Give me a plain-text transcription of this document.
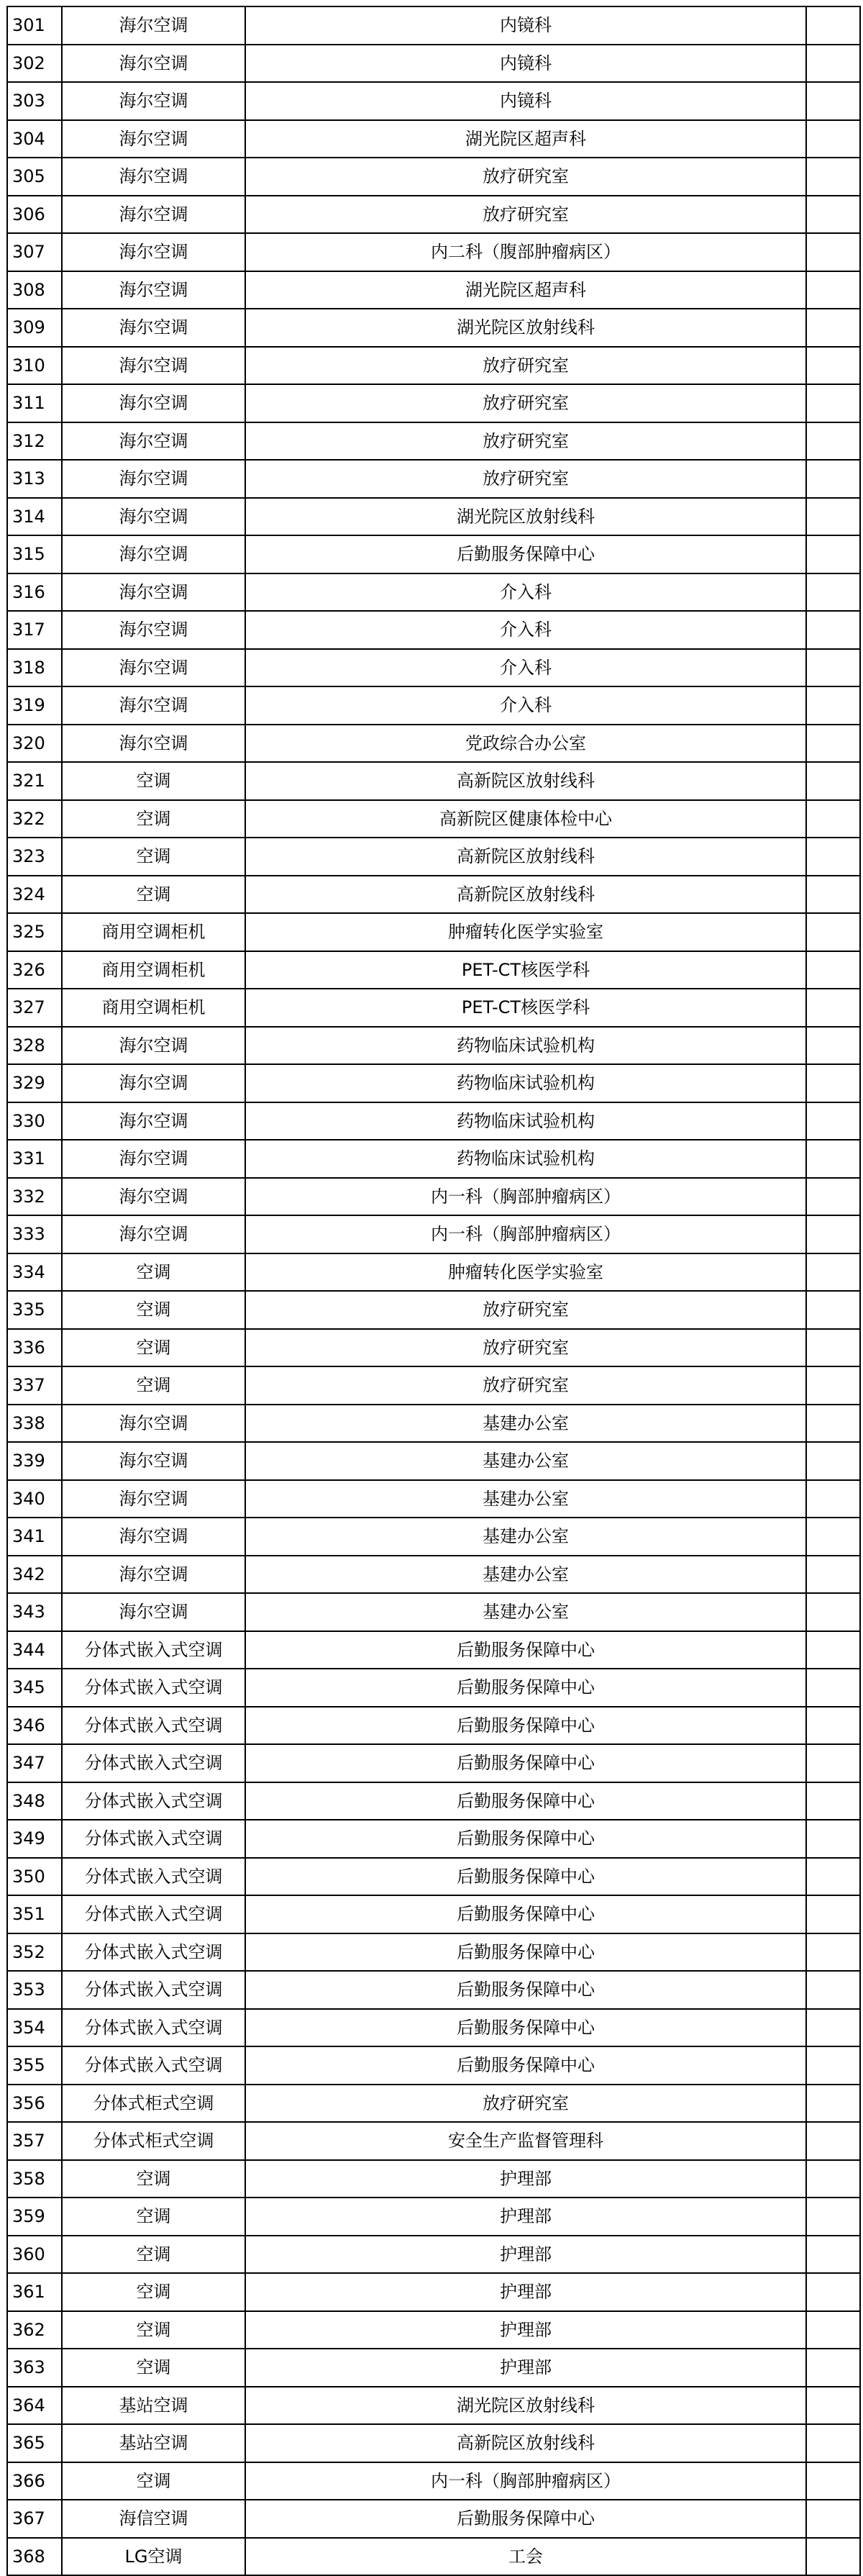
301	海尔空调	内镜科	
302	海尔空调	内镜科	
303	海尔空调	内镜科	
304	海尔空调	湖光院区超声科	
305	海尔空调	放疗研究室	
306	海尔空调	放疗研究室	
307	海尔空调	内二科（腹部肿瘤病区）	
308	海尔空调	湖光院区超声科	
309	海尔空调	湖光院区放射线科	
310	海尔空调	放疗研究室	
311	海尔空调	放疗研究室	
312	海尔空调	放疗研究室	
313	海尔空调	放疗研究室	
314	海尔空调	湖光院区放射线科	
315	海尔空调	后勤服务保障中心	
316	海尔空调	介入科	
317	海尔空调	介入科	
318	海尔空调	介入科	
319	海尔空调	介入科	
320	海尔空调	党政综合办公室	
321	空调	高新院区放射线科	
322	空调	高新院区健康体检中心	
323	空调	高新院区放射线科	
324	空调	高新院区放射线科	
325	商用空调柜机	肿瘤转化医学实验室	
326	商用空调柜机	PET-CT核医学科	
327	商用空调柜机	PET-CT核医学科	
328	海尔空调	药物临床试验机构	
329	海尔空调	药物临床试验机构	
330	海尔空调	药物临床试验机构	
331	海尔空调	药物临床试验机构	
332	海尔空调	内一科（胸部肿瘤病区）	
333	海尔空调	内一科（胸部肿瘤病区）	
334	空调	肿瘤转化医学实验室	
335	空调	放疗研究室	
336	空调	放疗研究室	
337	空调	放疗研究室	
338	海尔空调	基建办公室	
339	海尔空调	基建办公室	
340	海尔空调	基建办公室	
341	海尔空调	基建办公室	
342	海尔空调	基建办公室	
343	海尔空调	基建办公室	
344	分体式嵌入式空调	后勤服务保障中心	
345	分体式嵌入式空调	后勤服务保障中心	
346	分体式嵌入式空调	后勤服务保障中心	
347	分体式嵌入式空调	后勤服务保障中心	
348	分体式嵌入式空调	后勤服务保障中心	
349	分体式嵌入式空调	后勤服务保障中心	
350	分体式嵌入式空调	后勤服务保障中心	
351	分体式嵌入式空调	后勤服务保障中心	
352	分体式嵌入式空调	后勤服务保障中心	
353	分体式嵌入式空调	后勤服务保障中心	
354	分体式嵌入式空调	后勤服务保障中心	
355	分体式嵌入式空调	后勤服务保障中心	
356	分体式柜式空调	放疗研究室	
357	分体式柜式空调	安全生产监督管理科	
358	空调	护理部	
359	空调	护理部	
360	空调	护理部	
361	空调	护理部	
362	空调	护理部	
363	空调	护理部	
364	基站空调	湖光院区放射线科	
365	基站空调	高新院区放射线科	
366	空调	内一科（胸部肿瘤病区）	
367	海信空调	后勤服务保障中心	
368	LG空调	工会	
